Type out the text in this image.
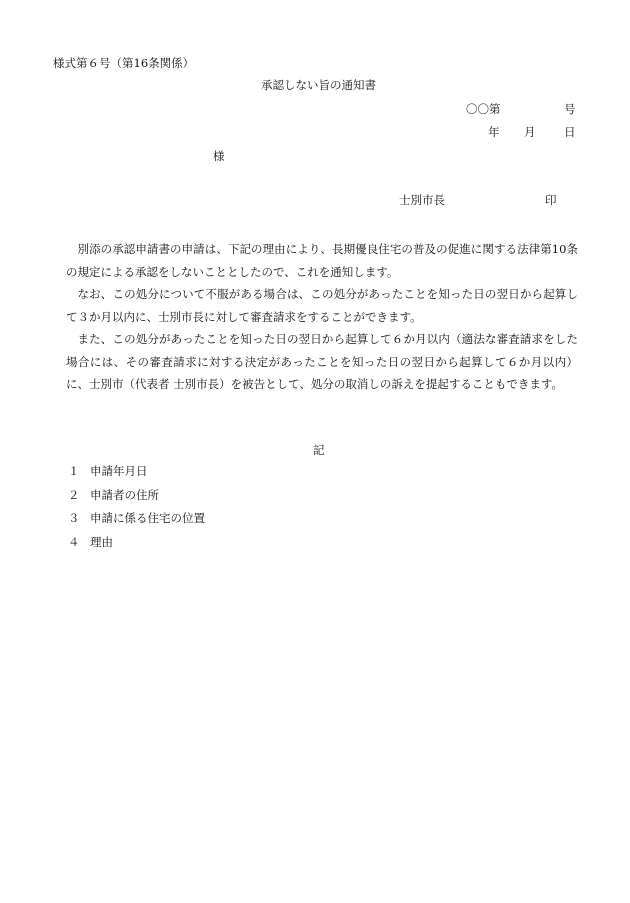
様式第６号（第16条関係）
承認しない旨の通知書
〇〇第	号
年 月 日
様
士別市長	印

別添の承認申請書の申請は、下記の理由により、長期優良住宅の普及の促進に関する法律第10条の規定による承認をしないこととしたので、これを通知します。

なお、この処分について不服がある場合は、この処分があったことを知った日の翌日から起算して３か月以内に、士別市長に対して審査請求をすることができます。

また、この処分があったことを知った日の翌日から起算して６か月以内（適法な審査請求をした場合には、その審査請求に対する決定があったことを知った日の翌日から起算して６か月以内）に、士別市（代表者 士別市長）を被告として、処分の取消しの訴えを提起することもできます。

記
１ 申請年月日
２ 申請者の住所
３ 申請に係る住宅の位置
４ 理由
